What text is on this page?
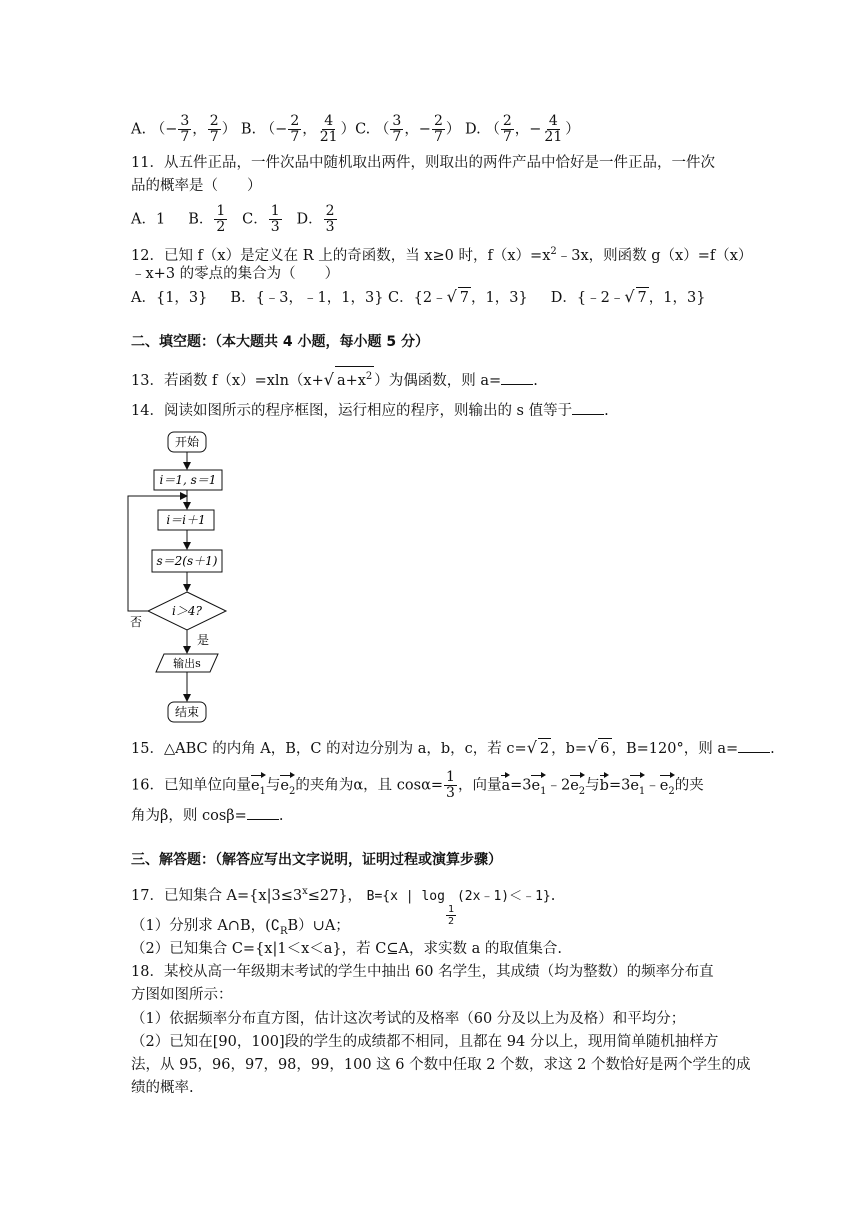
A. （− $\frac{3}{7}$ ， $\frac{2}{7}$ ） B. （− $\frac{2}{7}$ ， $\frac{4}{21} )C$. （ $\frac{3}{7}$ ，− $\frac{2}{7}$ ） D. （ $\frac{2}{7}$ ，− $\frac{4}{21}$ ）
11．从五件正品，一件次品中随机取出两件，则取出的两件产品中恰好是一件正品，一件次
品的概率是（　　）
A．1 B． $\frac{1}{2}$ C． $\frac{1}{3}$ D． $\frac{2}{3}$
12．已知 f（x）是定义在 R 上的奇函数，当 x≥0 时，$f(x)=x^2﹣3x$，则函数 g（x）=f（x）
﹣x+3 的零点的集合为（　　）
A．{1，3} B．{﹣3，﹣1，1，3} C．{2﹣√ 7 ，1，3} D．{﹣2﹣√ 7 ，1，3}
二、填空题：（本大题共 4 小题，每小题 5 分）
13．若函数 f（x）=xln（x+√ $a+x^2$ ）为偶函数，则 a= .
14．阅读如图所示的程序框图，运行相应的程序，则输出的 s 值等于 .
开始
i＝1, s＝1
i＝i＋1
s＝2(s＋1)
i＞4?
否
是
输出s
结束
15．△ABC 的内角 A，B，C 的对边分别为 a，b，c，若 c=√ 2 ，b=√ 6 ，B=120°，则 a= .
16．已知单位向量$e_1$与$e_2$的夹角为α，且 $\cos\alpha= \frac{1}{3}$ ，向量$a=3e_1﹣2e_2$与$b=3e_1﹣e_2$的夹
角为β，则 cosβ= .
三、解答题：（解答应写出文字说明，证明过程或演算步骤）
17．已知集合 $A=\{x|3\le 3^x\le 27\}$， B={x | log
$\frac{1}{2}$
(2x﹣1)＜﹣1}.
（1）分别求 A∩B，$(∁_RB)\cup A$；
（2）已知集合 C={x|1＜x＜a}，若 C⊆A，求实数 a 的取值集合.
18．某校从高一年级期末考试的学生中抽出 60 名学生，其成绩（均为整数）的频率分布直
方图如图所示：
（1）依据频率分布直方图，估计这次考试的及格率（60 分及以上为及格）和平均分；
（2）已知在[90，100]段的学生的成绩都不相同，且都在 94 分以上，现用简单随机抽样方
法，从 95，96，97，98，99，100 这 6 个数中任取 2 个数，求这 2 个数恰好是两个学生的成
绩的概率.
